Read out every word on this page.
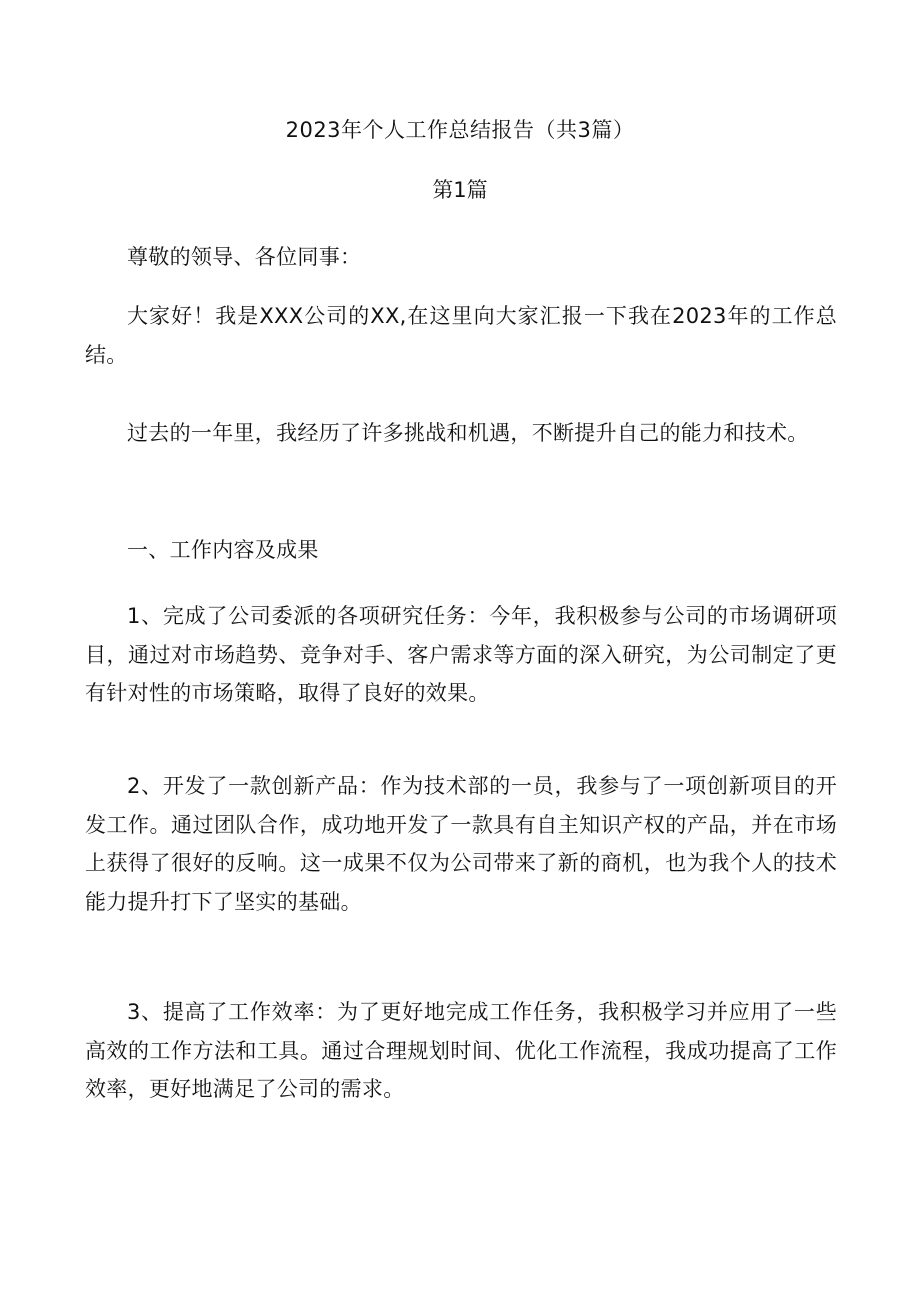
2023年个人工作总结报告（共3篇）
第1篇

尊敬的领导、各位同事：

大家好！我是XXX公司的XX,在这里向大家汇报一下我在2023年的工作总结。

过去的一年里，我经历了许多挑战和机遇，不断提升自己的能力和技术。

一、工作内容及成果

1、完成了公司委派的各项研究任务：今年，我积极参与公司的市场调研项目，通过对市场趋势、竞争对手、客户需求等方面的深入研究，为公司制定了更有针对性的市场策略，取得了良好的效果。

2、开发了一款创新产品：作为技术部的一员，我参与了一项创新项目的开发工作。通过团队合作，成功地开发了一款具有自主知识产权的产品，并在市场上获得了很好的反响。这一成果不仅为公司带来了新的商机，也为我个人的技术能力提升打下了坚实的基础。

3、提高了工作效率：为了更好地完成工作任务，我积极学习并应用了一些高效的工作方法和工具。通过合理规划时间、优化工作流程，我成功提高了工作效率，更好地满足了公司的需求。
